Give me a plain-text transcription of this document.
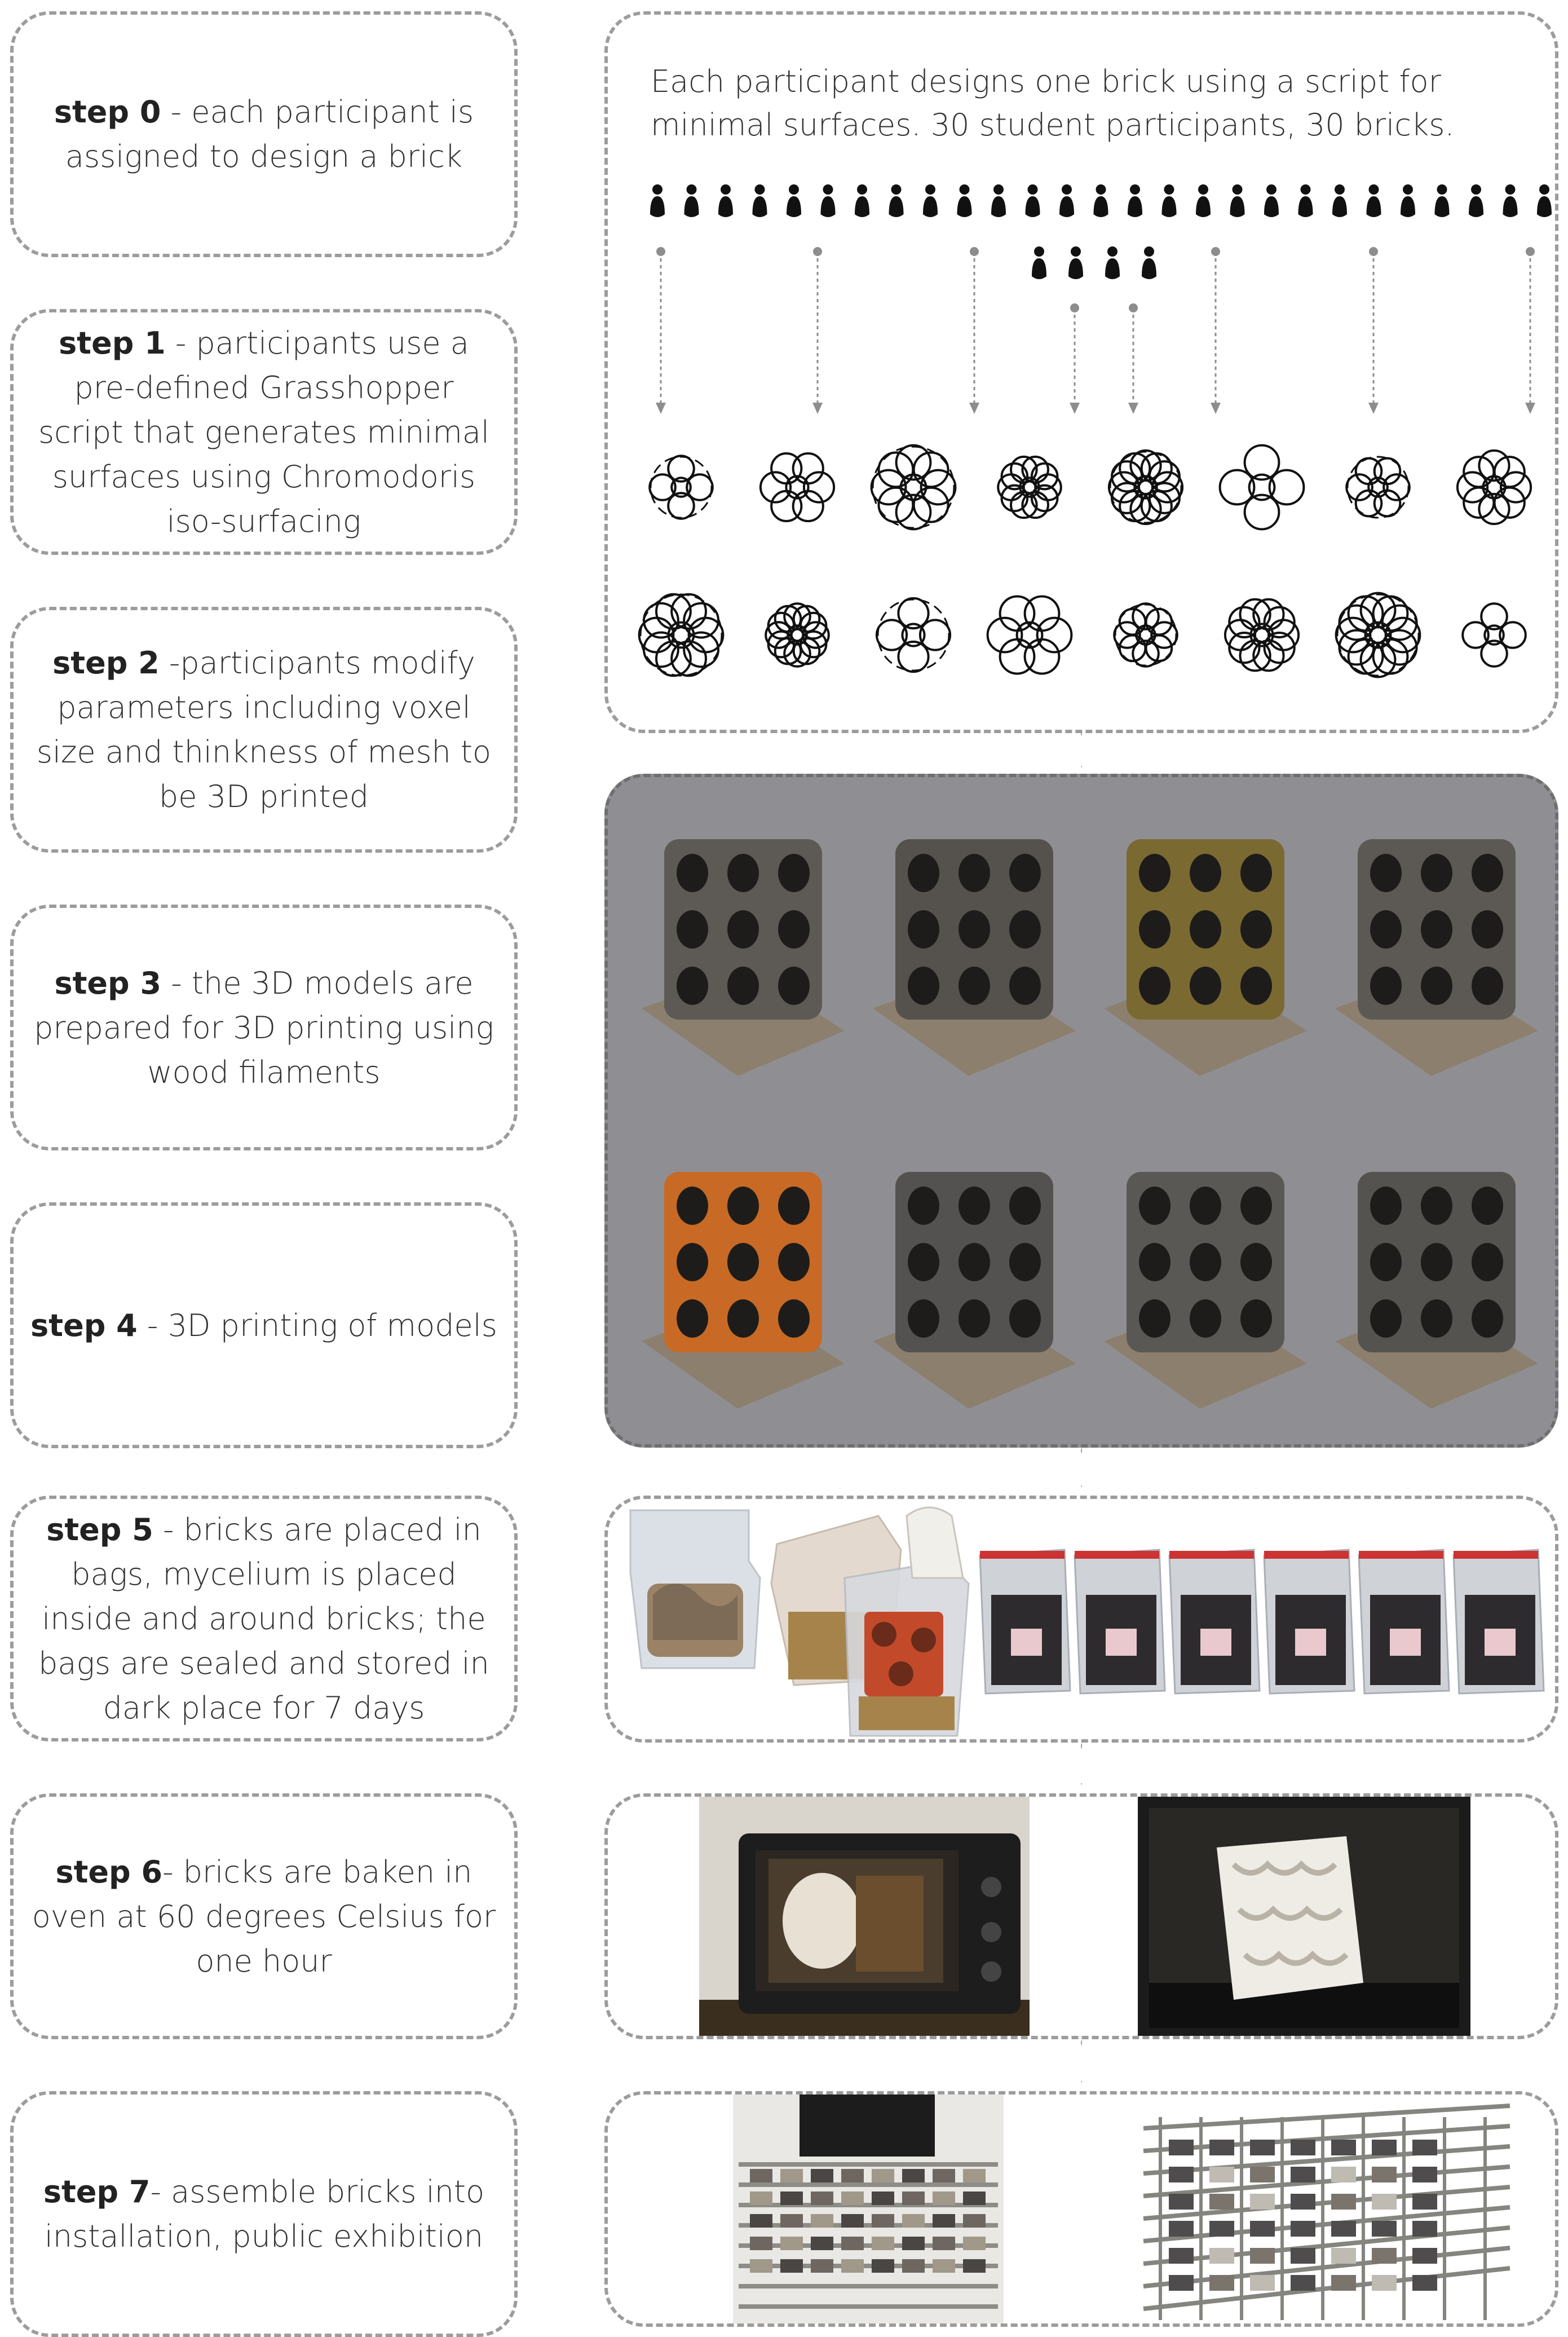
step 0 - each participant is assigned to design a brick
step 1 - participants use a pre-defined Grasshopper script that generates minimal surfaces using Chromodoris iso-surfacing
step 2 -participants modify parameters including voxel size and thinkness of mesh to be 3D printed
step 3 - the 3D models are prepared for 3D printing using wood filaments
step 4 - 3D printing of models
step 5 - bricks are placed in bags, mycelium is placed inside and around bricks; the bags are sealed and stored in dark place for 7 days
step 6- bricks are baken in oven at 60 degrees Celsius for one hour
step 7- assemble bricks into installation, public exhibition
Each participant designs one brick using a script for minimal surfaces. 30 student participants, 30 bricks.
